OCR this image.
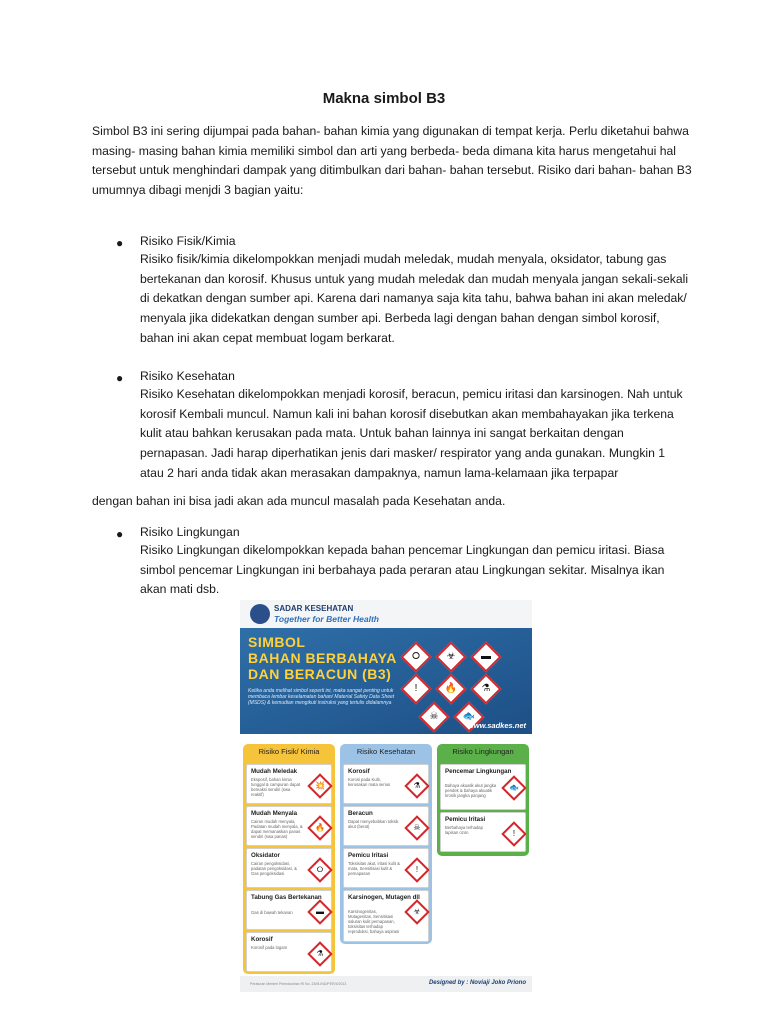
Makna simbol B3

Simbol B3 ini sering dijumpai pada bahan- bahan kimia yang digunakan di tempat kerja. Perlu diketahui bahwa masing- masing bahan kimia memiliki simbol dan arti yang berbeda- beda dimana kita harus mengetahui hal tersebut untuk menghindari dampak yang ditimbulkan dari bahan- bahan tersebut. Risiko dari bahan- bahan B3 umumnya dibagi menjdi 3 bagian yaitu:

● Risiko Fisik/Kimia

Risiko fisik/kimia dikelompokkan menjadi mudah meledak, mudah menyala, oksidator, tabung gas bertekanan dan korosif. Khusus untuk yang mudah meledak dan mudah menyala jangan sekali-sekali di dekatkan dengan sumber api. Karena dari namanya saja kita tahu, bahwa bahan ini akan meledak/ menyala jika didekatkan dengan sumber api. Berbeda lagi dengan bahan dengan simbol korosif, bahan ini akan cepat membuat logam berkarat.

● Risiko Kesehatan

Risiko Kesehatan dikelompokkan menjadi korosif, beracun, pemicu iritasi dan karsinogen. Nah untuk korosif Kembali muncul. Namun kali ini bahan korosif disebutkan akan membahayakan jika terkena kulit atau bahkan kerusakan pada mata. Untuk bahan lainnya ini sangat berkaitan dengan pernapasan. Jadi harap diperhatikan jenis dari masker/ respirator yang anda gunakan. Mungkin 1 atau 2 hari anda tidak akan merasakan dampaknya, namun lama-kelamaan jika terpapar

dengan bahan ini bisa jadi akan ada muncul masalah pada Kesehatan anda.
● Risiko Lingkungan

Risiko Lingkungan dikelompokkan kepada bahan pencemar Lingkungan dan pemicu iritasi. Biasa simbol pencemar Lingkungan ini berbahaya pada peraran atau Lingkungan sekitar. Misalnya ikan akan mati dsb.

SADAR KESEHATAN
Together for Better Health
SIMBOL
BAHAN BERBAHAYA
DAN BERACUN (B3)
Ketika anda melihat simbol seperti ini, maka sangat penting untuk membaca lembar keselamatan bahan/ Material Safety Data Sheet (MSDS) & kemudian mengikuti instruksi yang tertulis didalamnya
⭘	☣	▬
!	🔥	⚗
☠	🐟
www.sadkes.net
Risiko Fisik/ Kimia
Mudah Meledak
Eksposif, bahan kimia tunggal & campuran dapat bereaksi sendiri (swa reaktif)
💥
Mudah Menyala
Cairan mudah menyala, Padatan mudah menyala, & dapat memanaskan panas sendiri (swa panas)
🔥
Oksidator
Cairan pengoksidasi, padatan pengoksidasi, & Gas pengoksidasi	⭘
Tabung Gas Bertekanan
Gas di bawah tekanan	▬
Korosif
Korosif pada logam
⚗
Risiko Kesehatan
Korosif
Korosi pada Kulit, kerusakan mata serius	⚗
Beracun
Dapat menyebabkan toksik akut (berat)	☠
Pemicu Iritasi
Toksisitas akut, iritasi kulit & mata, Sensitisasi kulit & pernapasan	!
Karsinogen, Mutagen dll
Karsinogenitas, Mutagenitas, Sensitisasi saluran kulit pernapasan, toksisitas terhadap reproduksi, bahaya aspirasi
☣
Risiko Lingkungan
Pencemar Lingkungan
Bahaya akuatik akut jangka pendek & bahaya akuatik kronik jangka panjang
🐟
Pemicu Iritasi
Berbahaya terhadap lapisan ozon	!
Peraturan Menteri Perindustrian RI No. 23/M-IND/PER/4/2013	Designed by : Noviaji Joko Priono
